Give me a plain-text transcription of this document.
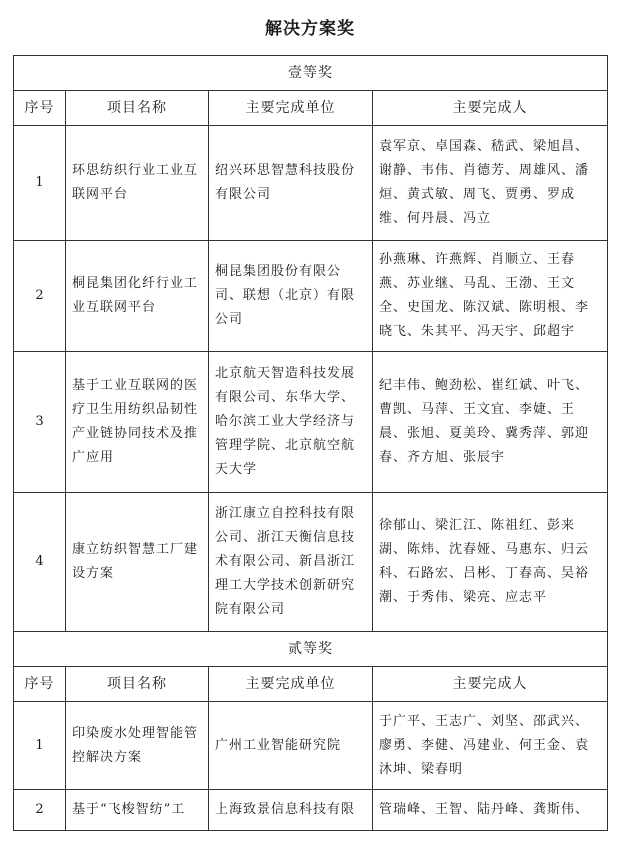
解决方案奖
壹等奖			
序号	项目名称	主要完成单位	主要完成人
1	环思纺织行业工业互联网平台	绍兴环思智慧科技股份有限公司	袁军京、卓国森、嵇武、梁旭昌、谢静、韦伟、肖德芳、周雄风、潘烜、黄式敏、周飞、贾勇、罗成维、何丹晨、冯立
2	桐昆集团化纤行业工业互联网平台	桐昆集团股份有限公司、联想（北京）有限公司	孙燕琳、许燕辉、肖顺立、王春燕、苏业继、马乱、王渤、王文全、史国龙、陈汉斌、陈明根、李晓飞、朱其平、冯天宇、邱超宇
3	基于工业互联网的医疗卫生用纺织品韧性产业链协同技术及推广应用	北京航天智造科技发展有限公司、东华大学、哈尔滨工业大学经济与管理学院、北京航空航天大学	纪丰伟、鲍劲松、崔红斌、叶飞、曹凯、马萍、王文宜、李婕、王晨、张旭、夏美玲、冀秀萍、郭迎春、齐方旭、张辰宇
4	康立纺织智慧工厂建设方案	浙江康立自控科技有限公司、浙江天衡信息技术有限公司、新昌浙江理工大学技术创新研究院有限公司	徐郁山、梁汇江、陈祖红、彭来湖、陈炜、沈春娅、马惠东、归云科、石路宏、吕彬、丁春高、吴裕潮、于秀伟、梁亮、应志平
贰等奖			
序号	项目名称	主要完成单位	主要完成人
1	印染废水处理智能管控解决方案	广州工业智能研究院	于广平、王志广、刘坚、邵武兴、廖勇、李健、冯建业、何王金、袁沐坤、梁春明
2	基于“飞梭智纺”工	上海致景信息科技有限	管瑞峰、王智、陆丹峰、龚斯伟、
